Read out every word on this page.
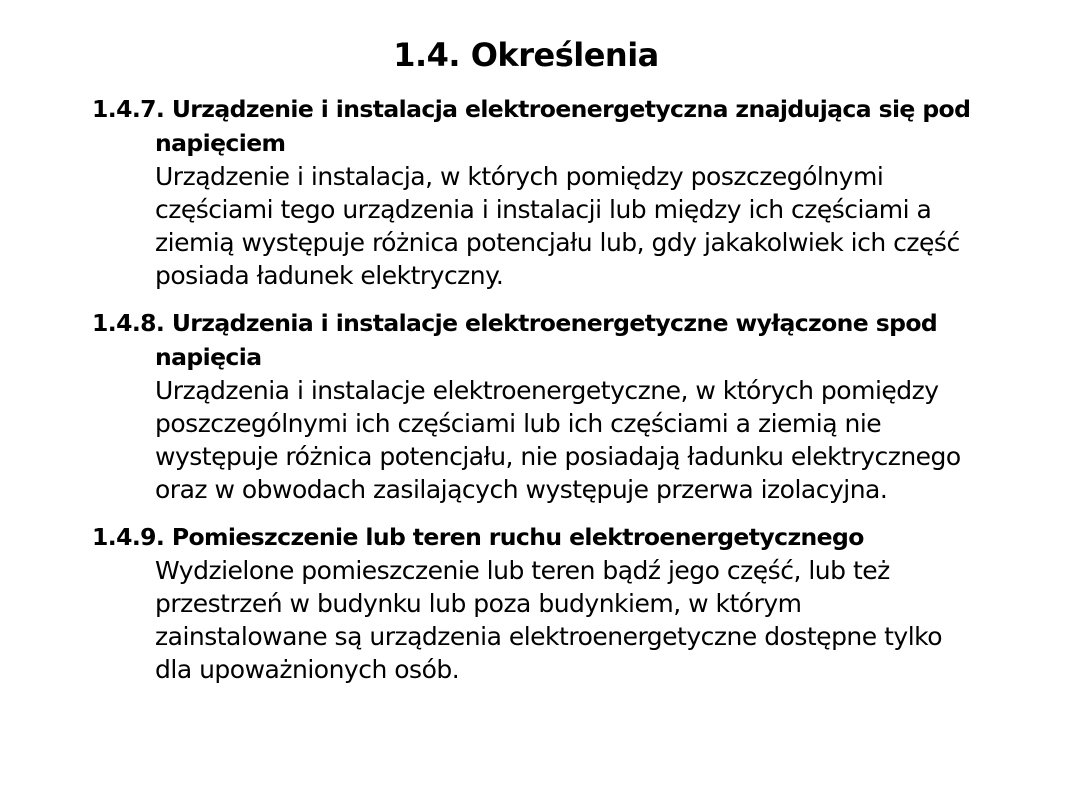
1.4. Określenia

1.4.7. Urządzenie i instalacja elektroenergetyczna znajdująca się pod napięciem

Urządzenie i instalacja, w których pomiędzy poszczególnymi częściami tego urządzenia i instalacji lub między ich częściami a ziemią występuje różnica potencjału lub, gdy jakakolwiek ich część posiada ładunek elektryczny.

1.4.8. Urządzenia i instalacje elektroenergetyczne wyłączone spod napięcia

Urządzenia i instalacje elektroenergetyczne, w których pomiędzy poszczególnymi ich częściami lub ich częściami a ziemią nie występuje różnica potencjału, nie posiadają ładunku elektrycznego oraz w obwodach zasilających występuje przerwa izolacyjna.

1.4.9. Pomieszczenie lub teren ruchu elektroenergetycznego

Wydzielone pomieszczenie lub teren bądź jego część, lub też przestrzeń w budynku lub poza budynkiem, w którym zainstalowane są urządzenia elektroenergetyczne dostępne tylko dla upoważnionych osób.
